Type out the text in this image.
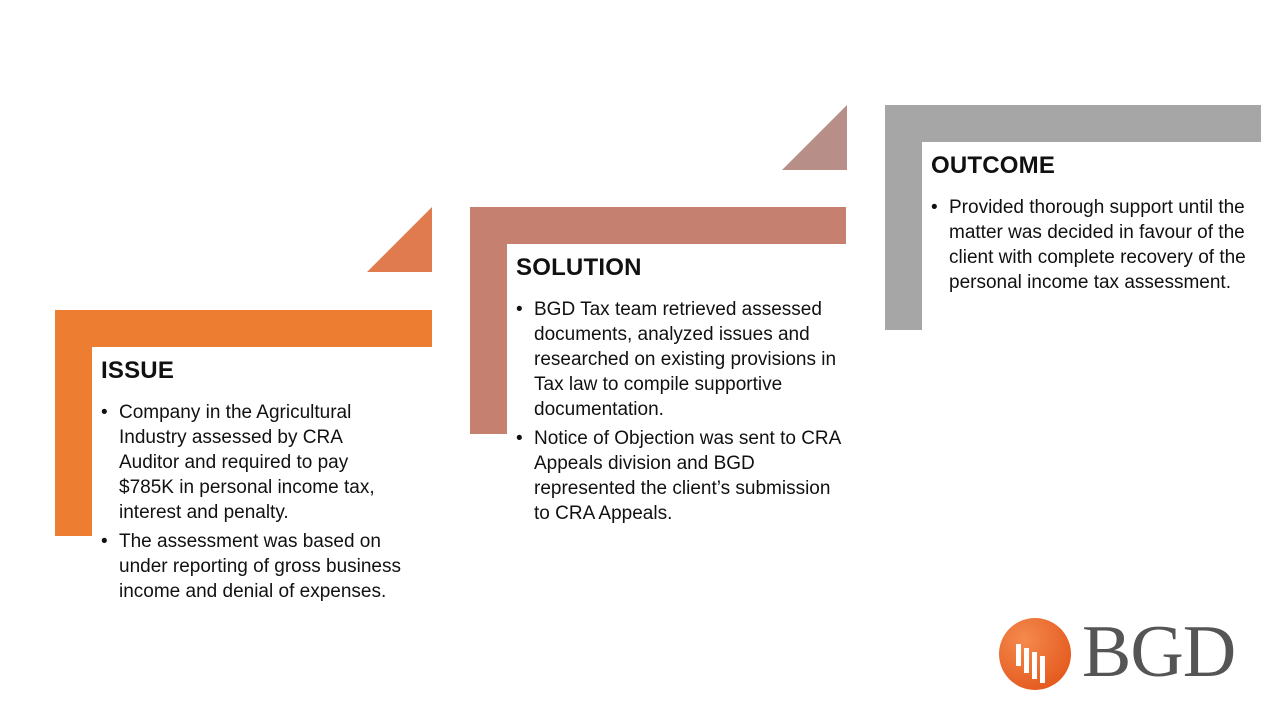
ISSUE
• Company in the Agricultural Industry assessed by CRA Auditor and required to pay $785K in personal income tax, interest and penalty.
• The assessment was based on under reporting of gross business income and denial of expenses.
SOLUTION
• BGD Tax team retrieved assessed documents, analyzed issues and researched on existing provisions in Tax law to compile supportive documentation.
• Notice of Objection was sent to CRA Appeals division and BGD represented the client’s submission to CRA Appeals.
OUTCOME
• Provided thorough support until the matter was decided in favour of the client with complete recovery of the personal income tax assessment.
BGD
